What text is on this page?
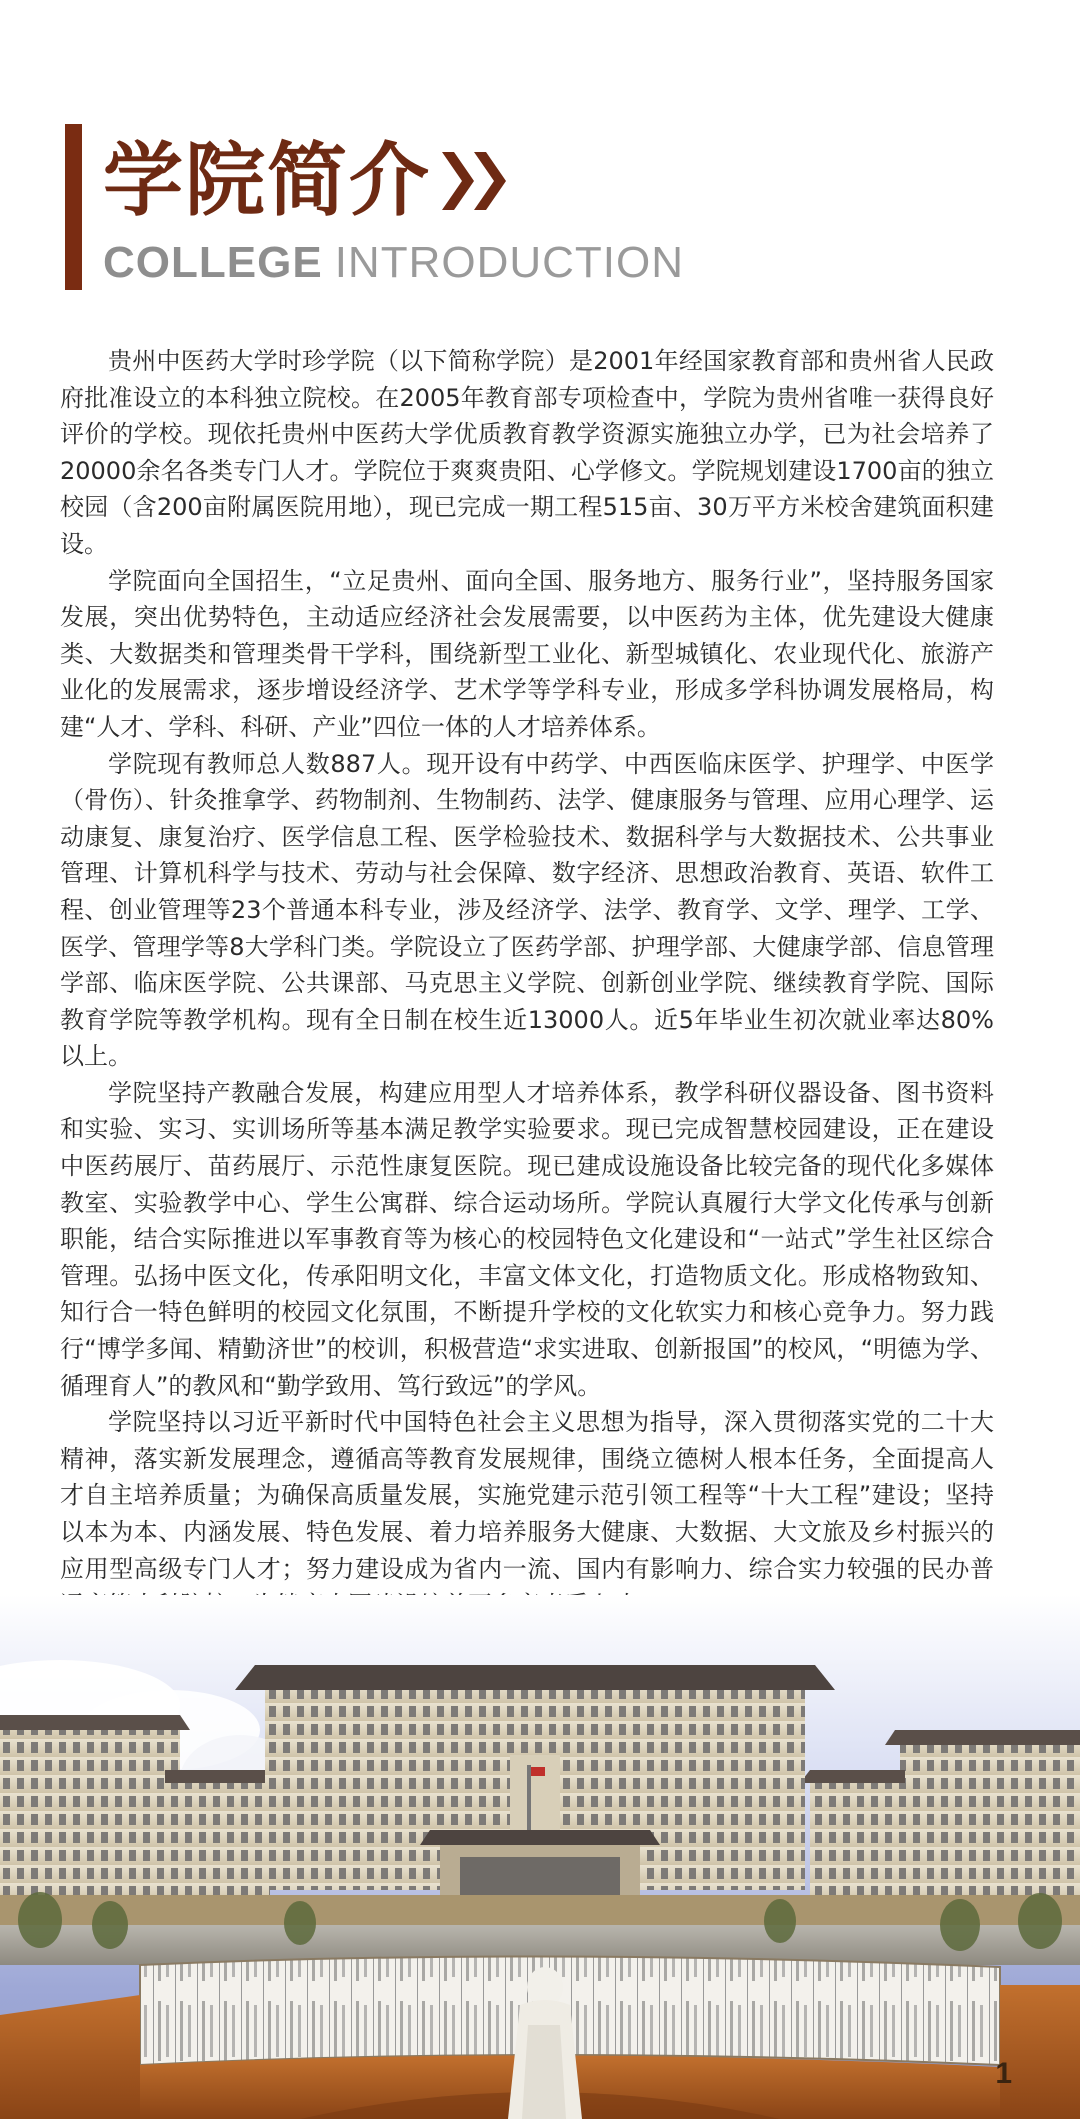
学院简介
COLLEGE INTRODUCTION

贵州中医药大学时珍学院（以下简称学院）是2001年经国家教育部和贵州省人民政府批准设立的本科独立院校。在2005年教育部专项检查中，学院为贵州省唯一获得良好评价的学校。现依托贵州中医药大学优质教育教学资源实施独立办学，已为社会培养了20000余名各类专门人才。学院位于爽爽贵阳、心学修文。学院规划建设1700亩的独立校园（含200亩附属医院用地），现已完成一期工程515亩、30万平方米校舍建筑面积建设。

学院面向全国招生，“立足贵州、面向全国、服务地方、服务行业”，坚持服务国家发展，突出优势特色，主动适应经济社会发展需要，以中医药为主体，优先建设大健康类、大数据类和管理类骨干学科，围绕新型工业化、新型城镇化、农业现代化、旅游产业化的发展需求，逐步增设经济学、艺术学等学科专业，形成多学科协调发展格局，构建“人才、学科、科研、产业”四位一体的人才培养体系。

学院现有教师总人数887人。现开设有中药学、中西医临床医学、护理学、中医学（骨伤）、针灸推拿学、药物制剂、生物制药、法学、健康服务与管理、应用心理学、运动康复、康复治疗、医学信息工程、医学检验技术、数据科学与大数据技术、公共事业管理、计算机科学与技术、劳动与社会保障、数字经济、思想政治教育、英语、软件工程、创业管理等23个普通本科专业，涉及经济学、法学、教育学、文学、理学、工学、医学、管理学等8大学科门类。学院设立了医药学部、护理学部、大健康学部、信息管理学部、临床医学院、公共课部、马克思主义学院、创新创业学院、继续教育学院、国际教育学院等教学机构。现有全日制在校生近13000人。近5年毕业生初次就业率达80%以上。

学院坚持产教融合发展，构建应用型人才培养体系，教学科研仪器设备、图书资料和实验、实习、实训场所等基本满足教学实验要求。现已完成智慧校园建设，正在建设中医药展厅、苗药展厅、示范性康复医院。现已建成设施设备比较完备的现代化多媒体教室、实验教学中心、学生公寓群、综合运动场所。学院认真履行大学文化传承与创新职能，结合实际推进以军事教育等为核心的校园特色文化建设和“一站式”学生社区综合管理。弘扬中医文化，传承阳明文化，丰富文体文化，打造物质文化。形成格物致知、知行合一特色鲜明的校园文化氛围，不断提升学校的文化软实力和核心竞争力。努力践行“博学多闻、精勤济世”的校训，积极营造“求实进取、创新报国”的校风，“明德为学、循理育人”的教风和“勤学致用、笃行致远”的学风。

学院坚持以习近平新时代中国特色社会主义思想为指导，深入贯彻落实党的二十大精神，落实新发展理念，遵循高等教育发展规律，围绕立德树人根本任务，全面提高人才自主培养质量；为确保高质量发展，实施党建示范引领工程等“十大工程”建设；坚持以本为本、内涵发展、特色发展、着力培养服务大健康、大数据、大文旅及乡村振兴的应用型高级专门人才；努力建设成为省内一流、国内有影响力、综合实力较强的民办普

1
